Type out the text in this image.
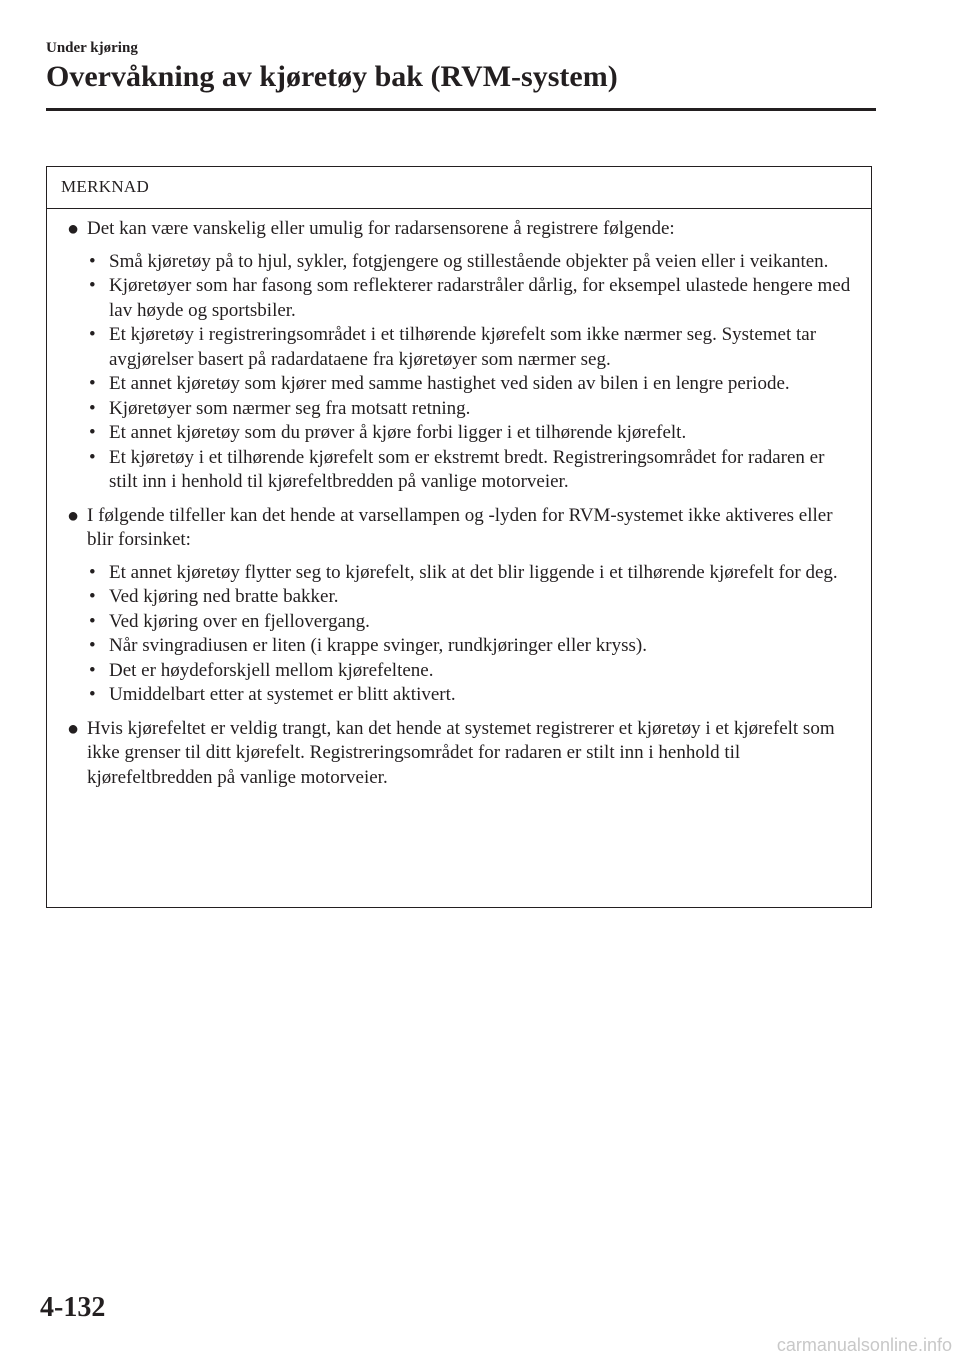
Under kjøring
Overvåkning av kjøretøy bak (RVM-system)
MERKNAD
● Det kan være vanskelig eller umulig for radarsensorene å registrere følgende:
• Små kjøretøy på to hjul, sykler, fotgjengere og stillestående objekter på veien eller i veikanten.
• Kjøretøyer som har fasong som reflekterer radarstråler dårlig, for eksempel ulastede hengere med lav høyde og sportsbiler.
• Et kjøretøy i registreringsområdet i et tilhørende kjørefelt som ikke nærmer seg. Systemet tar avgjørelser basert på radardataene fra kjøretøyer som nærmer seg.
• Et annet kjøretøy som kjører med samme hastighet ved siden av bilen i en lengre periode.
• Kjøretøyer som nærmer seg fra motsatt retning.
• Et annet kjøretøy som du prøver å kjøre forbi ligger i et tilhørende kjørefelt.
• Et kjøretøy i et tilhørende kjørefelt som er ekstremt bredt. Registreringsområdet for radaren er stilt inn i henhold til kjørefeltbredden på vanlige motorveier.
● I følgende tilfeller kan det hende at varsellampen og -lyden for RVM-systemet ikke aktiveres eller blir forsinket:
• Et annet kjøretøy flytter seg to kjørefelt, slik at det blir liggende i et tilhørende kjørefelt for deg.
• Ved kjøring ned bratte bakker.
• Ved kjøring over en fjellovergang.
• Når svingradiusen er liten (i krappe svinger, rundkjøringer eller kryss).
• Det er høydeforskjell mellom kjørefeltene.
• Umiddelbart etter at systemet er blitt aktivert.
● Hvis kjørefeltet er veldig trangt, kan det hende at systemet registrerer et kjøretøy i et kjørefelt som ikke grenser til ditt kjørefelt. Registreringsområdet for radaren er stilt inn i henhold til kjørefeltbredden på vanlige motorveier.
4-132
carmanualsonline.info
